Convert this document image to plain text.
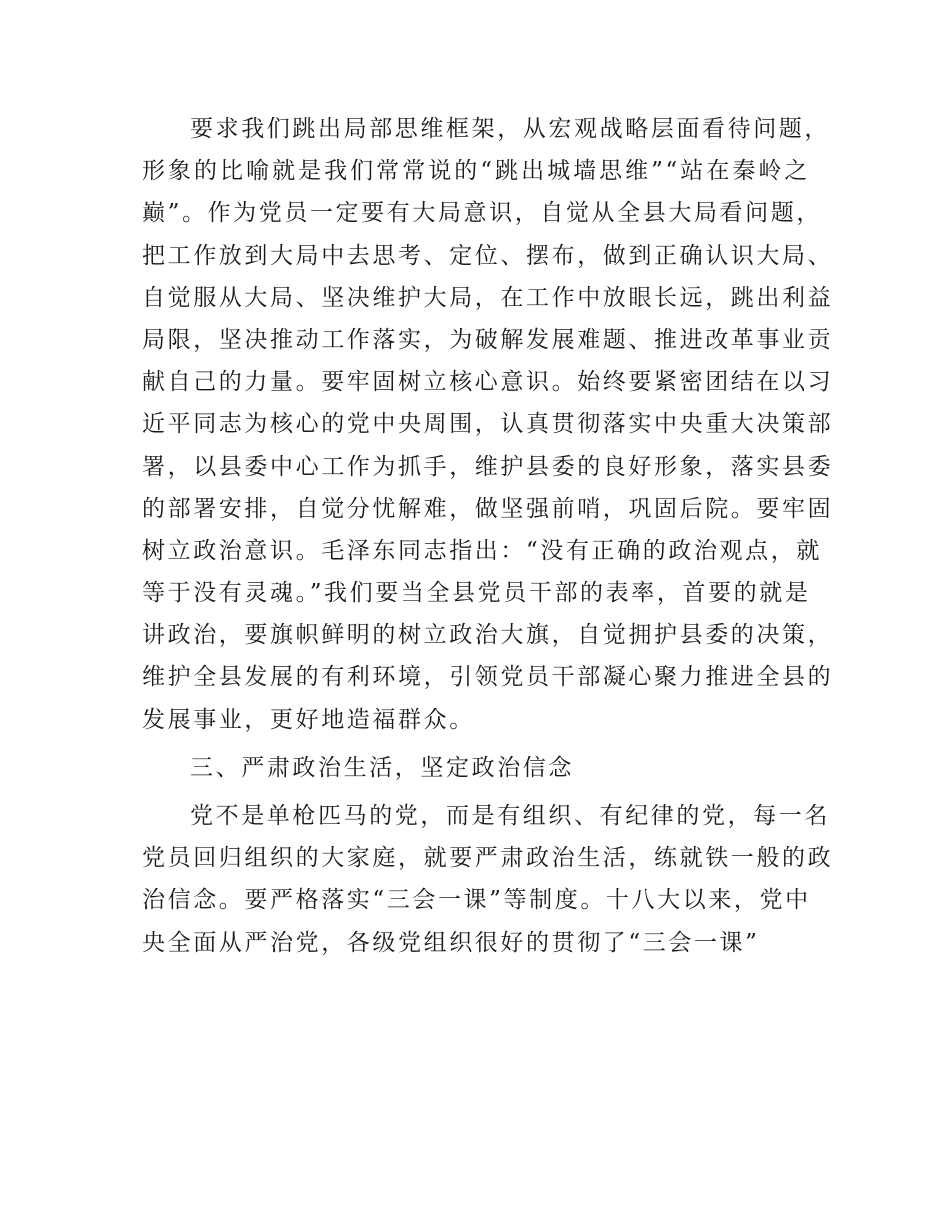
要求我们跳出局部思维框架，从宏观战略层面看待问题，
形象的比喻就是我们常常说的“跳出城墙思维”“站在秦岭之
巅”。作为党员一定要有大局意识，自觉从全县大局看问题，
把工作放到大局中去思考、定位、摆布，做到正确认识大局、
自觉服从大局、坚决维护大局，在工作中放眼长远，跳出利益
局限，坚决推动工作落实，为破解发展难题、推进改革事业贡
献自己的力量。要牢固树立核心意识。始终要紧密团结在以习
近平同志为核心的党中央周围，认真贯彻落实中央重大决策部
署，以县委中心工作为抓手，维护县委的良好形象，落实县委
的部署安排，自觉分忧解难，做坚强前哨，巩固后院。要牢固
树立政治意识。毛泽东同志指出：“没有正确的政治观点，就
等于没有灵魂。”我们要当全县党员干部的表率，首要的就是
讲政治，要旗帜鲜明的树立政治大旗，自觉拥护县委的决策，
维护全县发展的有利环境，引领党员干部凝心聚力推进全县的
发展事业，更好地造福群众。
三、严肃政治生活，坚定政治信念
党不是单枪匹马的党，而是有组织、有纪律的党，每一名
党员回归组织的大家庭，就要严肃政治生活，练就铁一般的政
治信念。要严格落实“三会一课”等制度。十八大以来，党中
央全面从严治党，各级党组织很好的贯彻了“三会一课”
